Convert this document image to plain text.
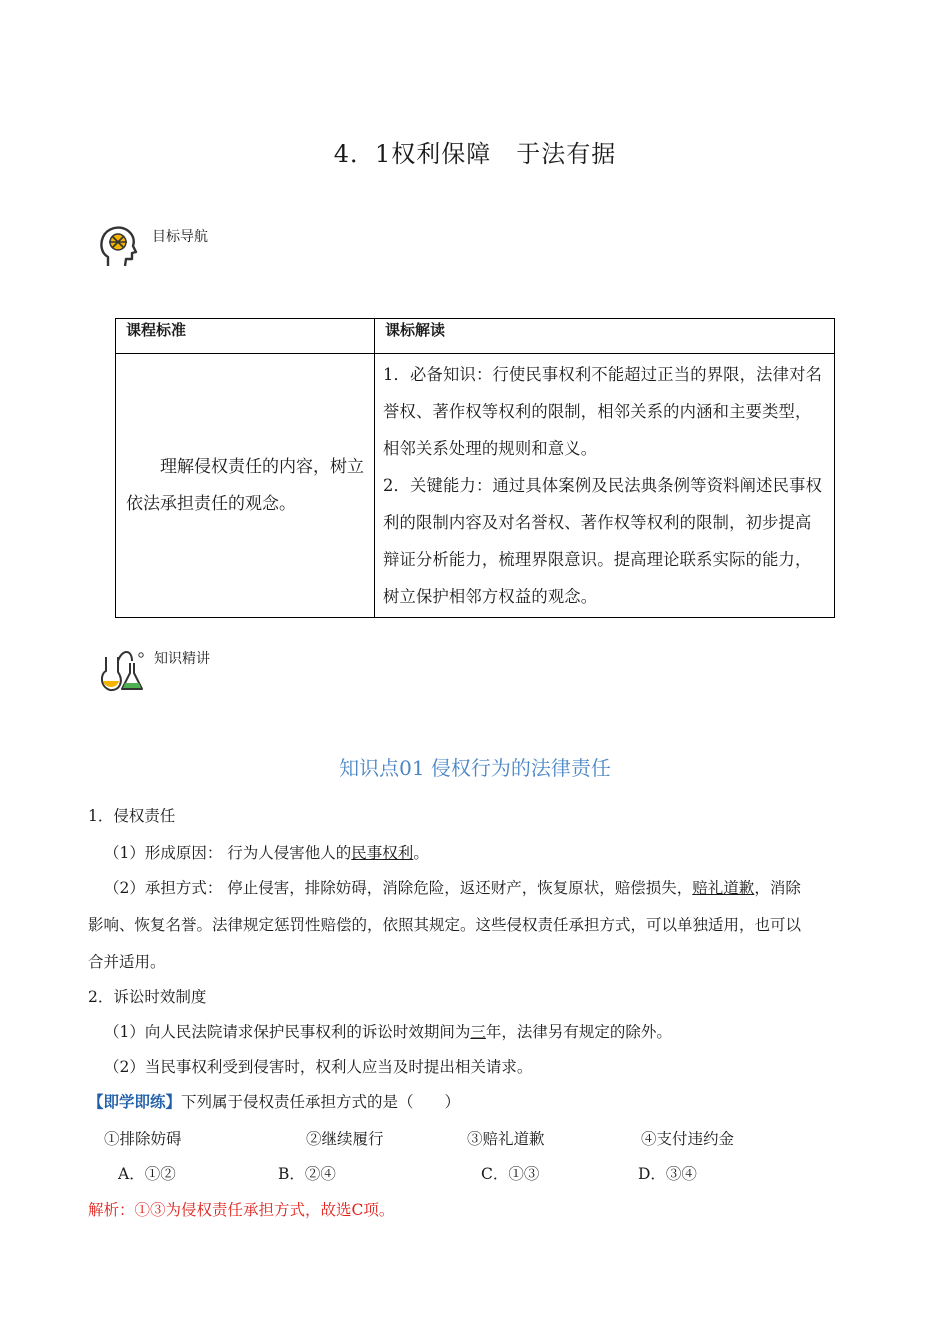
4．1权利保障　于法有据
目标导航
课程标准	课标解读

理解侵权责任的内容，树立依法承担责任的观念。	1．必备知识：行使民事权利不能超过正当的界限，法律对名誉权、著作权等权利的限制，相邻关系的内涵和主要类型，相邻关系处理的规则和意义。
2．关键能力：通过具体案例及民法典条例等资料阐述民事权利的限制内容及对名誉权、著作权等权利的限制，初步提高辩证分析能力，梳理界限意识。提高理论联系实际的能力，树立保护相邻方权益的观念。
知识精讲
知识点01 侵权行为的法律责任
1．侵权责任
（1）形成原因： 行为人侵害他人的民事权利。
（2）承担方式： 停止侵害，排除妨碍，消除危险，返还财产，恢复原状，赔偿损失，赔礼道歉，消除
影响、恢复名誉。法律规定惩罚性赔偿的，依照其规定。这些侵权责任承担方式，可以单独适用，也可以
合并适用。
2．诉讼时效制度
（1）向人民法院请求保护民事权利的诉讼时效期间为三年，法律另有规定的除外。
（2）当民事权利受到侵害时，权利人应当及时提出相关请求。
【即学即练】下列属于侵权责任承担方式的是（　　）
①排除妨碍	②继续履行	③赔礼道歉	④支付违约金
A．①②	B．②④	C．①③	D．③④
解析：①③为侵权责任承担方式，故选C项。
